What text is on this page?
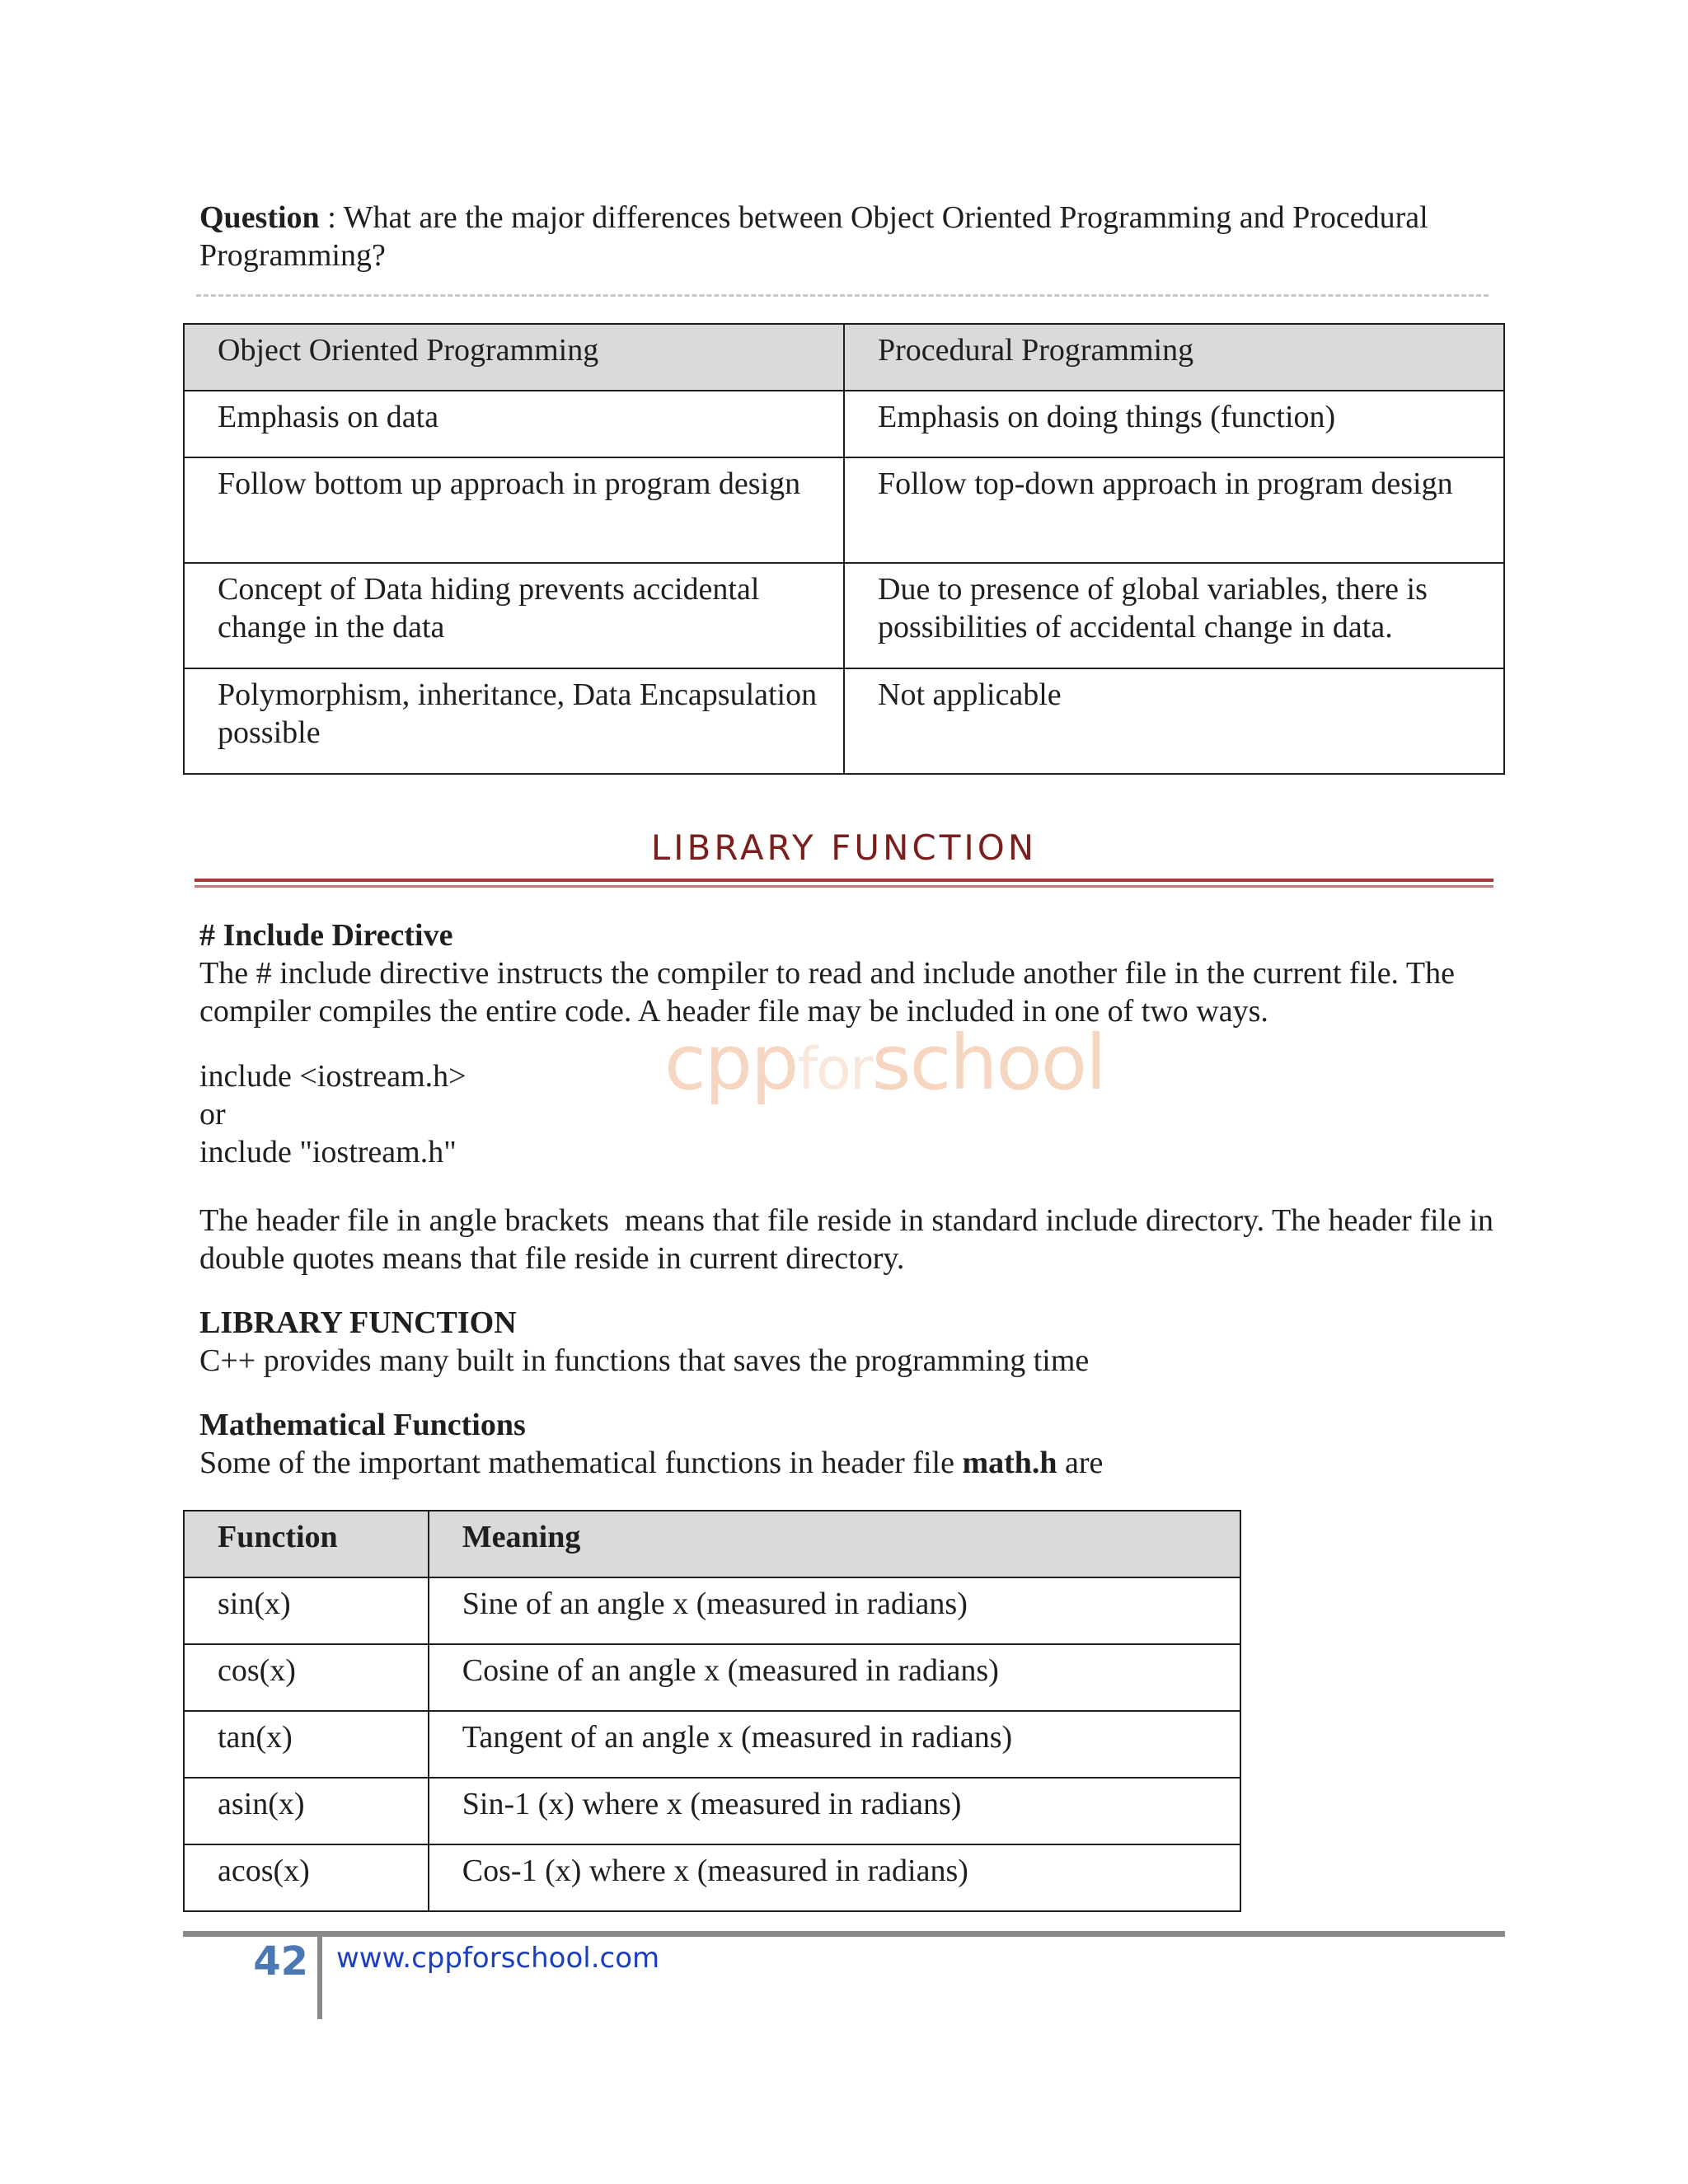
Question : What are the major differences between Object Oriented Programming and Procedural Programming?
Object Oriented Programming	Procedural Programming
Emphasis on data	Emphasis on doing things (function)
Follow bottom up approach in program design	Follow top-down approach in program design
Concept of Data hiding prevents accidental change in the data	Due to presence of global variables, there is possibilities of accidental change in data.
Polymorphism, inheritance, Data Encapsulation possible	Not applicable
LIBRARY FUNCTION
cppforschool
# Include Directive
The # include directive instructs the compiler to read and include another file in the current file. The compiler compiles the entire code. A header file may be included in one of two ways.
include <iostream.h>
or
include "iostream.h"
The header file in angle brackets  means that file reside in standard include directory. The header file in double quotes means that file reside in current directory.
LIBRARY FUNCTION
C++ provides many built in functions that saves the programming time
Mathematical Functions
Some of the important mathematical functions in header file math.h are
Function	Meaning
sin(x)	Sine of an angle x (measured in radians)
cos(x)	Cosine of an angle x (measured in radians)
tan(x)	Tangent of an angle x (measured in radians)
asin(x)	Sin-1 (x) where x (measured in radians)
acos(x)	Cos-1 (x) where x (measured in radians)
42 www.cppforschool.com
